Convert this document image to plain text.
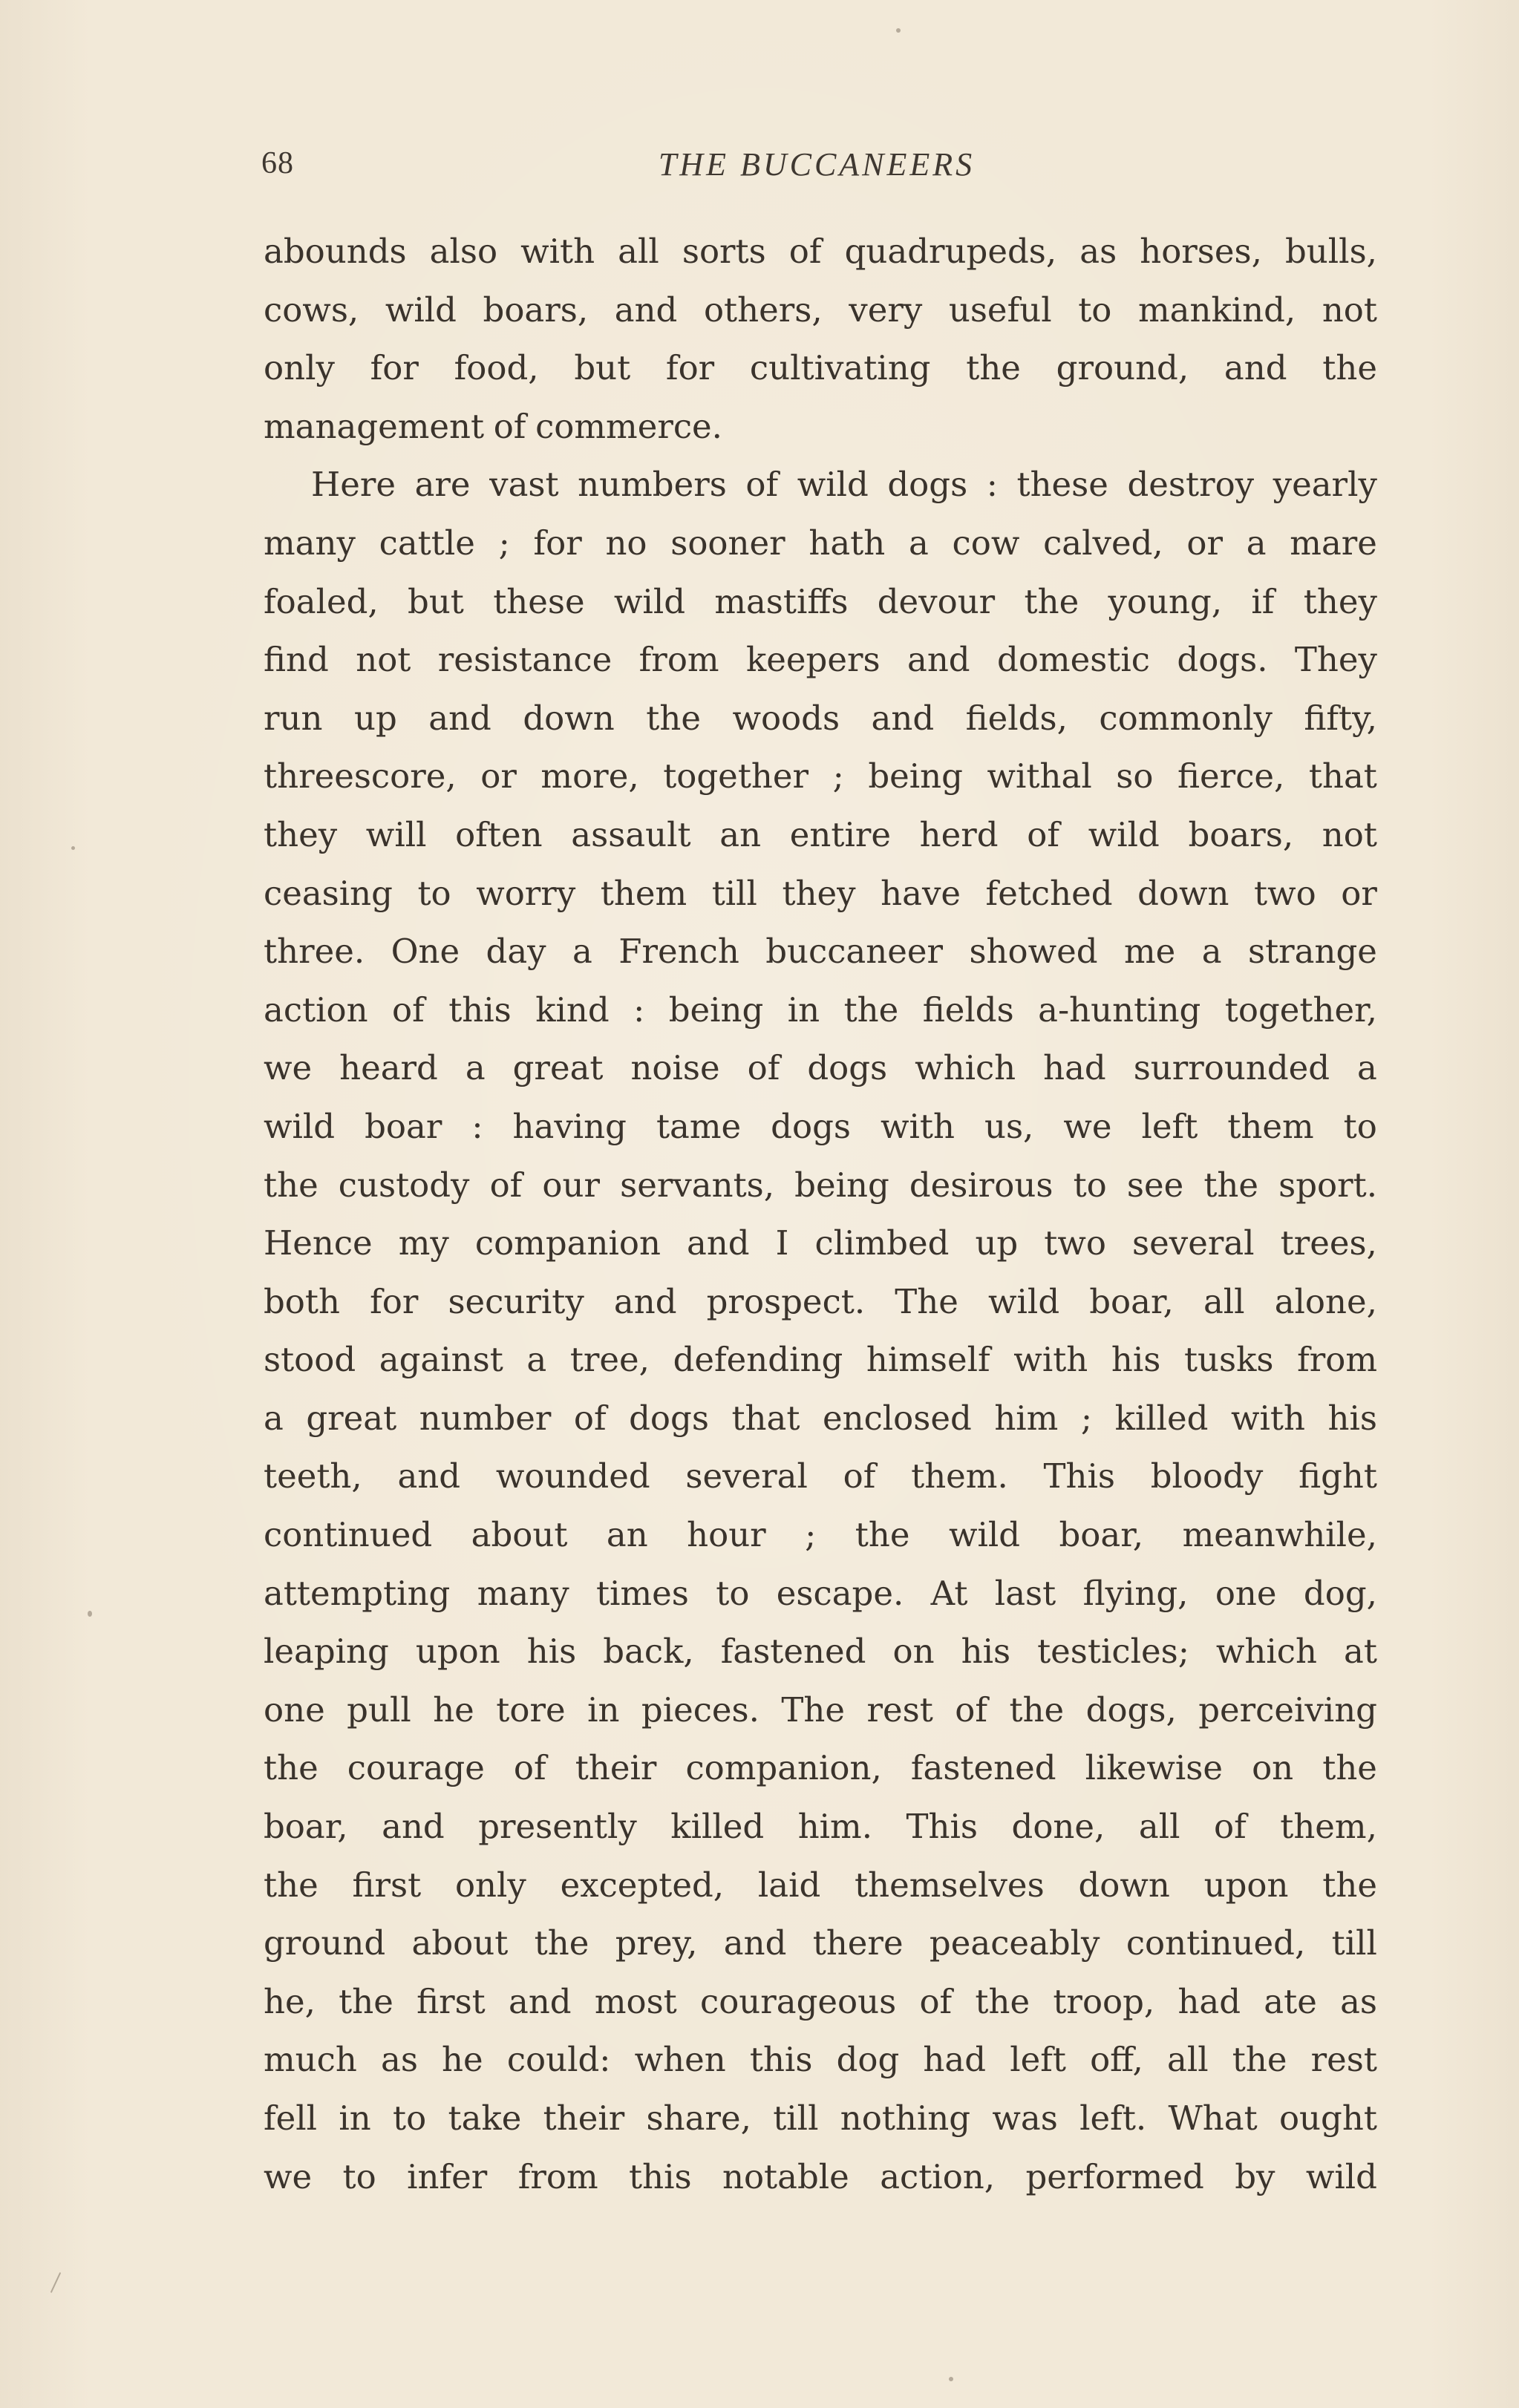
68	THE BUCCANEERS
abounds also with all sorts of quadrupeds, as horses, bulls,
cows, wild boars, and others, very useful to mankind, not
only for food, but for cultivating the ground, and the
management of commerce.
Here are vast numbers of wild dogs : these destroy yearly
many cattle ; for no sooner hath a cow calved, or a mare
foaled, but these wild mastiffs devour the young, if they
find not resistance from keepers and domestic dogs. They
run up and down the woods and fields, commonly fifty,
threescore, or more, together ; being withal so fierce, that
they will often assault an entire herd of wild boars, not
ceasing to worry them till they have fetched down two or
three. One day a French buccaneer showed me a strange
action of this kind : being in the fields a-hunting together,
we heard a great noise of dogs which had surrounded a
wild boar : having tame dogs with us, we left them to
the custody of our servants, being desirous to see the sport.
Hence my companion and I climbed up two several trees,
both for security and prospect. The wild boar, all alone,
stood against a tree, defending himself with his tusks from
a great number of dogs that enclosed him ; killed with his
teeth, and wounded several of them. This bloody fight
continued about an hour ; the wild boar, meanwhile,
attempting many times to escape. At last flying, one dog,
leaping upon his back, fastened on his testicles; which at
one pull he tore in pieces. The rest of the dogs, perceiving
the courage of their companion, fastened likewise on the
boar, and presently killed him. This done, all of them,
the first only excepted, laid themselves down upon the
ground about the prey, and there peaceably continued, till
he, the first and most courageous of the troop, had ate as
much as he could: when this dog had left off, all the rest
fell in to take their share, till nothing was left. What ought
we to infer from this notable action, performed by wild
